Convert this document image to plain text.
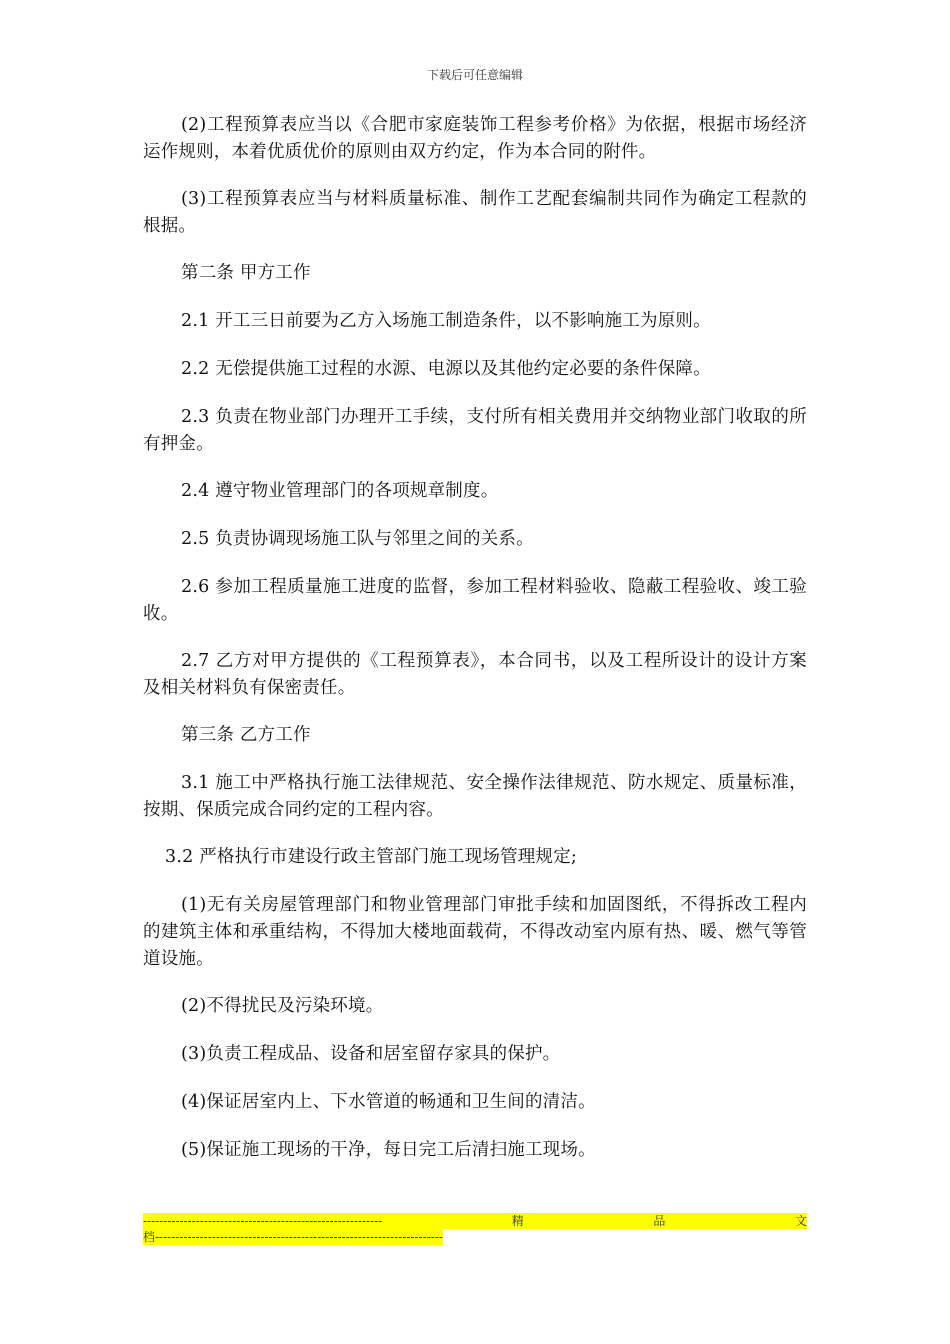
下载后可任意编辑

(2)工程预算表应当以《合肥市家庭装饰工程参考价格》为依据，根据市场经济运作规则，本着优质优价的原则由双方约定，作为本合同的附件。

(3)工程预算表应当与材料质量标准、制作工艺配套编制共同作为确定工程款的根据。

第二条 甲方工作

2.1 开工三日前要为乙方入场施工制造条件，以不影响施工为原则。

2.2 无偿提供施工过程的水源、电源以及其他约定必要的条件保障。

2.3 负责在物业部门办理开工手续，支付所有相关费用并交纳物业部门收取的所有押金。

2.4 遵守物业管理部门的各项规章制度。

2.5 负责协调现场施工队与邻里之间的关系。

2.6 参加工程质量施工进度的监督，参加工程材料验收、隐蔽工程验收、竣工验收。

2.7 乙方对甲方提供的《工程预算表》，本合同书，以及工程所设计的设计方案及相关材料负有保密责任。

第三条 乙方工作

3.1 施工中严格执行施工法律规范、安全操作法律规范、防水规定、质量标准，按期、保质完成合同约定的工程内容。

3.2 严格执行市建设行政主管部门施工现场管理规定;

(1)无有关房屋管理部门和物业管理部门审批手续和加固图纸，不得拆改工程内的建筑主体和承重结构，不得加大楼地面载荷，不得改动室内原有热、暖、燃气等管道设施。

(2)不得扰民及污染环境。

(3)负责工程成品、设备和居室留存家具的保护。

(4)保证居室内上、下水管道的畅通和卫生间的清洁。

(5)保证施工现场的干净，每日完工后清扫施工现场。

-----------------------------------------------------------	精	品	文
档-----------------------------------------------------------------------
